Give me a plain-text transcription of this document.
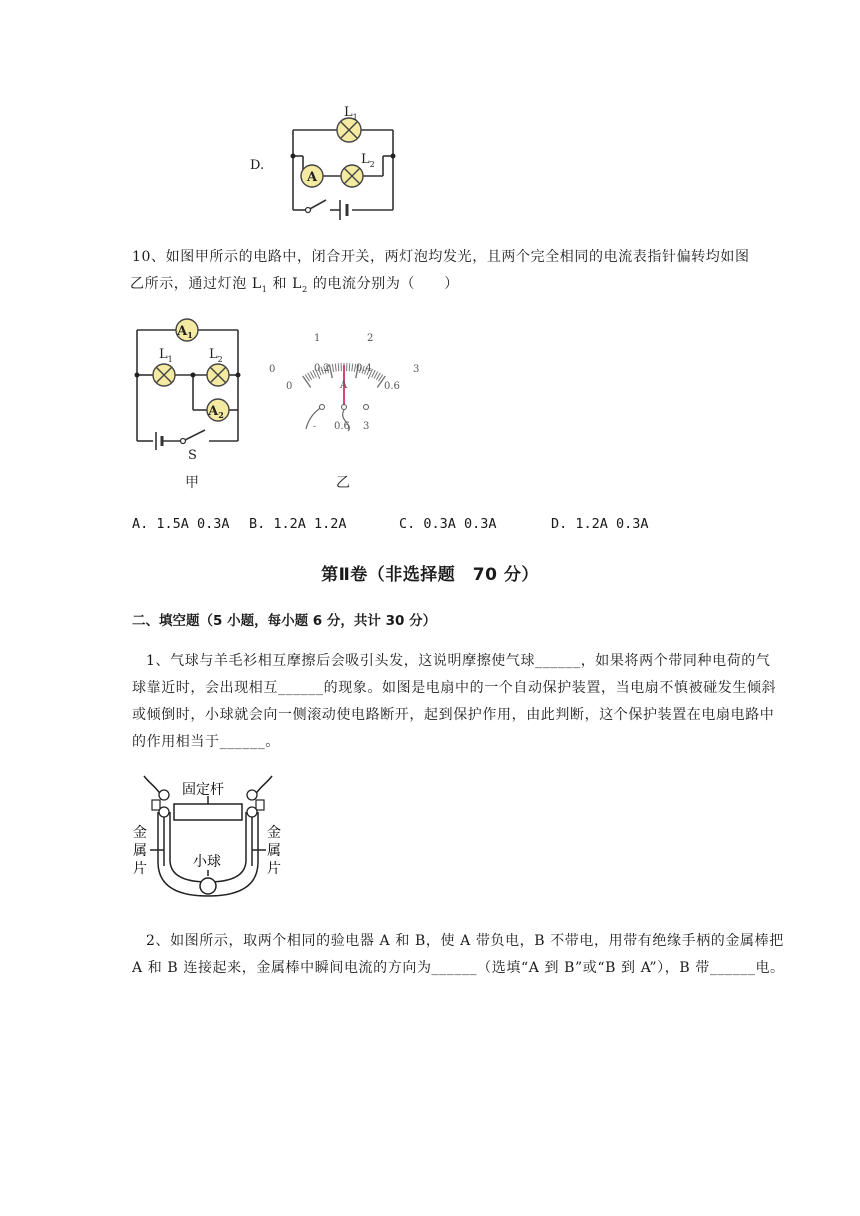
D.
A
$L_1$
$L_2$
10、如图甲所示的电路中，闭合开关，两灯泡均发光，且两个完全相同的电流表指针偏转均如图
乙所示，通过灯泡 $L_1$ 和 $L_2$ 的电流分别为（　　）
$A_1$
$A_2$
$L_1$	$L_2$
S
甲
0
1	2
3
0
0.2	0.4
0.6
A
- 0.6 3
乙
A. 1.5A 0.3A B. 1.2A 1.2A	C. 0.3A 0.3A	D. 1.2A 0.3A
第Ⅱ卷（非选择题　70 分）
二、填空题（5 小题，每小题 6 分，共计 30 分）
1、气球与羊毛衫相互摩擦后会吸引头发，这说明摩擦使气球______，如果将两个带同种电荷的气
球靠近时，会出现相互______的现象。如图是电扇中的一个自动保护装置，当电扇不慎被碰发生倾斜
或倾倒时，小球就会向一侧滚动使电路断开，起到保护作用，由此判断，这个保护装置在电扇电路中
的作用相当于______。
固定杆
金
属
片
金
属
片
小球
2、如图所示，取两个相同的验电器 A 和 B，使 A 带负电，B 不带电，用带有绝缘手柄的金属棒把
A 和 B 连接起来，金属棒中瞬间电流的方向为______（选填“A 到 B”或“B 到 A”），B 带______电。
